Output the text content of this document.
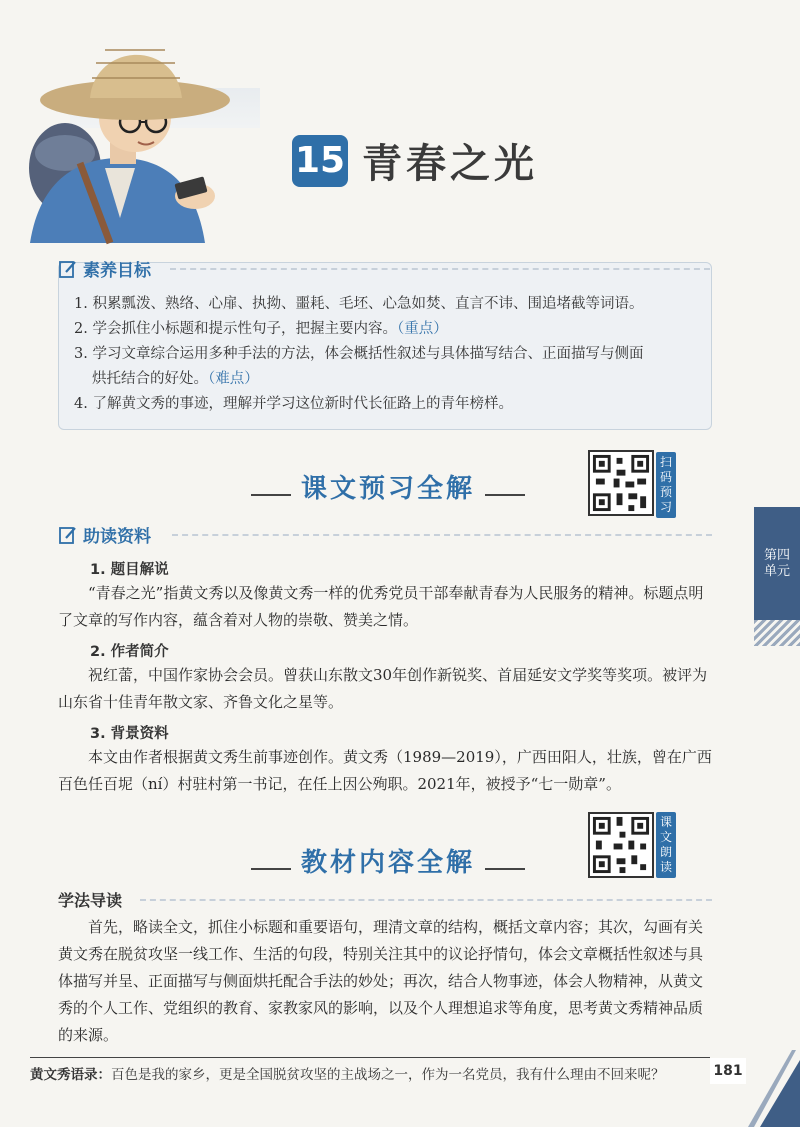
15 青春之光
素养目标
1. 积累瓢泼、熟络、心扉、执拗、噩耗、毛坯、心急如焚、直言不讳、围追堵截等词语。
2. 学会抓住小标题和提示性句子，把握主要内容。（重点）
3. 学习文章综合运用多种手法的方法，体会概括性叙述与具体描写结合、正面描写与侧面
烘托结合的好处。（难点）
4. 了解黄文秀的事迹，理解并学习这位新时代长征路上的青年榜样。
课文预习全解
扫码预习
助读资料
1. 题目解说

“青春之光”指黄文秀以及像黄文秀一样的优秀党员干部奉献青春为人民服务的精神。标题点明了文章的写作内容，蕴含着对人物的崇敬、赞美之情。

2. 作者简介

祝红蕾，中国作家协会会员。曾获山东散文30年创作新锐奖、首届延安文学奖等奖项。被评为山东省十佳青年散文家、齐鲁文化之星等。

3. 背景资料

本文由作者根据黄文秀生前事迹创作。黄文秀（1989—2019），广西田阳人，壮族，曾在广西百色任百坭（ní）村驻村第一书记，在任上因公殉职。2021年，被授予“七一勋章”。

第四
单元
教材内容全解
课文朗读
学法导读

首先，略读全文，抓住小标题和重要语句，理清文章的结构，概括文章内容；其次，勾画有关黄文秀在脱贫攻坚一线工作、生活的句段，特别关注其中的议论抒情句，体会文章概括性叙述与具体描写并呈、正面描写与侧面烘托配合手法的妙处；再次，结合人物事迹，体会人物精神，从黄文秀的个人工作、党组织的教育、家教家风的影响，以及个人理想追求等角度，思考黄文秀精神品质的来源。

黄文秀语录：百色是我的家乡，更是全国脱贫攻坚的主战场之一，作为一名党员，我有什么理由不回来呢？	181
